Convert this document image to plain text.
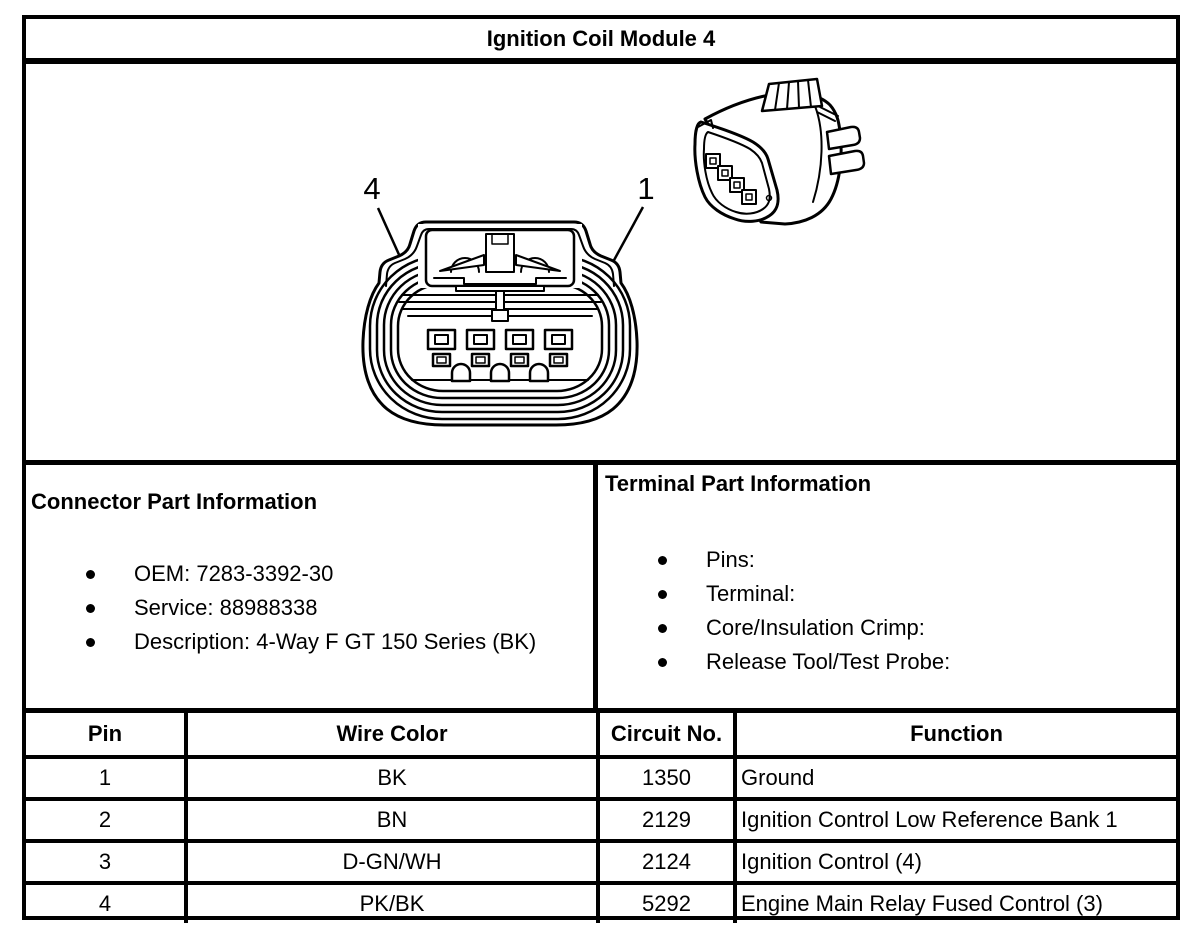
Ignition Coil Module 4
4	1
Connector Part Information
OEM: 7283-3392-30
Service: 88988338
Description: 4-Way F GT 150 Series (BK)
Terminal Part Information
Pins:
Terminal:
Core/Insulation Crimp:
Release Tool/Test Probe:
Pin	Wire Color	Circuit No.	Function
1	BK	1350	Ground
2	BN	2129	Ignition Control Low Reference Bank 1
3	D-GN/WH	2124	Ignition Control (4)
4	PK/BK	5292	Engine Main Relay Fused Control (3)
